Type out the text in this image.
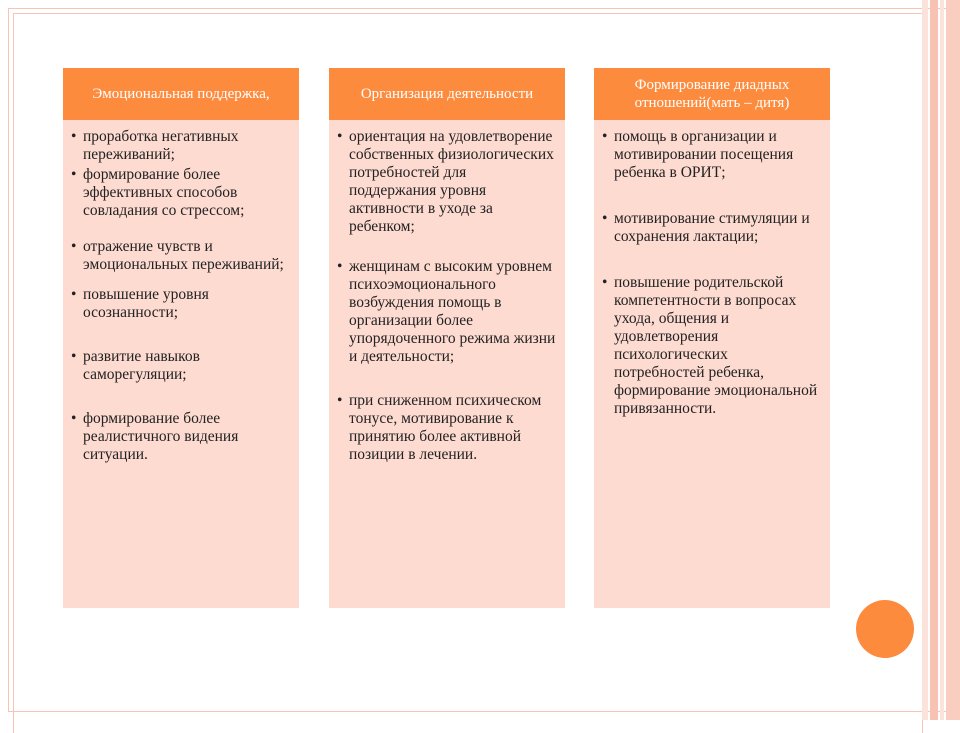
Эмоциональная поддержка,
• проработка негативных переживаний;
• формирование более эффективных способов совладания со стрессом;
• отражение чувств и эмоциональных переживаний;
• повышение уровня осознанности;
• развитие навыков саморегуляции;
• формирование более реалистичного видения ситуации.
Организация деятельности
• ориентация на удовлетворение собственных физиологических потребностей для поддержания уровня активности в уходе за ребенком;
• женщинам с высоким уровнем психоэмоционального возбуждения помощь в организации более упорядоченного режима жизни и деятельности;
• при сниженном психическом тонусе, мотивирование к принятию более активной позиции в лечении.
Формирование диадных отношений(мать – дитя)
• помощь в организации и мотивировании посещения ребенка в ОРИТ;
• мотивирование стимуляции и сохранения лактации;
• повышение родительской компетентности в вопросах ухода, общения и удовлетворения психологических потребностей ребенка, формирование эмоциональной привязанности.
